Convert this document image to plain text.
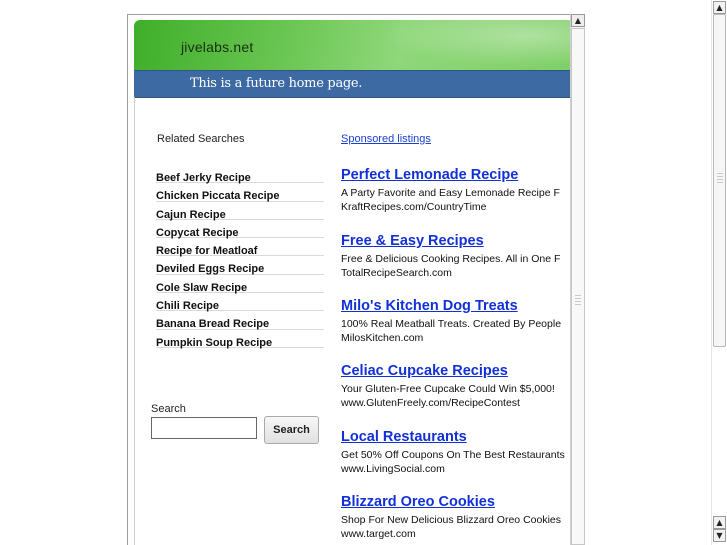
▲
▲
▼
jivelabs.net
This is a future home page.
Related Searches
Beef Jerky Recipe
Chicken Piccata Recipe
Cajun Recipe
Copycat Recipe
Recipe for Meatloaf
Deviled Eggs Recipe
Cole Slaw Recipe
Chili Recipe
Banana Bread Recipe
Pumpkin Soup Recipe
Search
Search
Sponsored listings
Perfect Lemonade Recipe
A Party Favorite and Easy Lemonade Recipe F
KraftRecipes.com/CountryTime
Free & Easy Recipes
Free & Delicious Cooking Recipes. All in One F
TotalRecipeSearch.com
Milo's Kitchen Dog Treats
100% Real Meatball Treats. Created By People
MilosKitchen.com
Celiac Cupcake Recipes
Your Gluten-Free Cupcake Could Win $5,000!
www.GlutenFreely.com/RecipeContest
Local Restaurants
Get 50% Off Coupons On The Best Restaurants
www.LivingSocial.com
Blizzard Oreo Cookies
Shop For New Delicious Blizzard Oreo Cookies
www.target.com
▲
